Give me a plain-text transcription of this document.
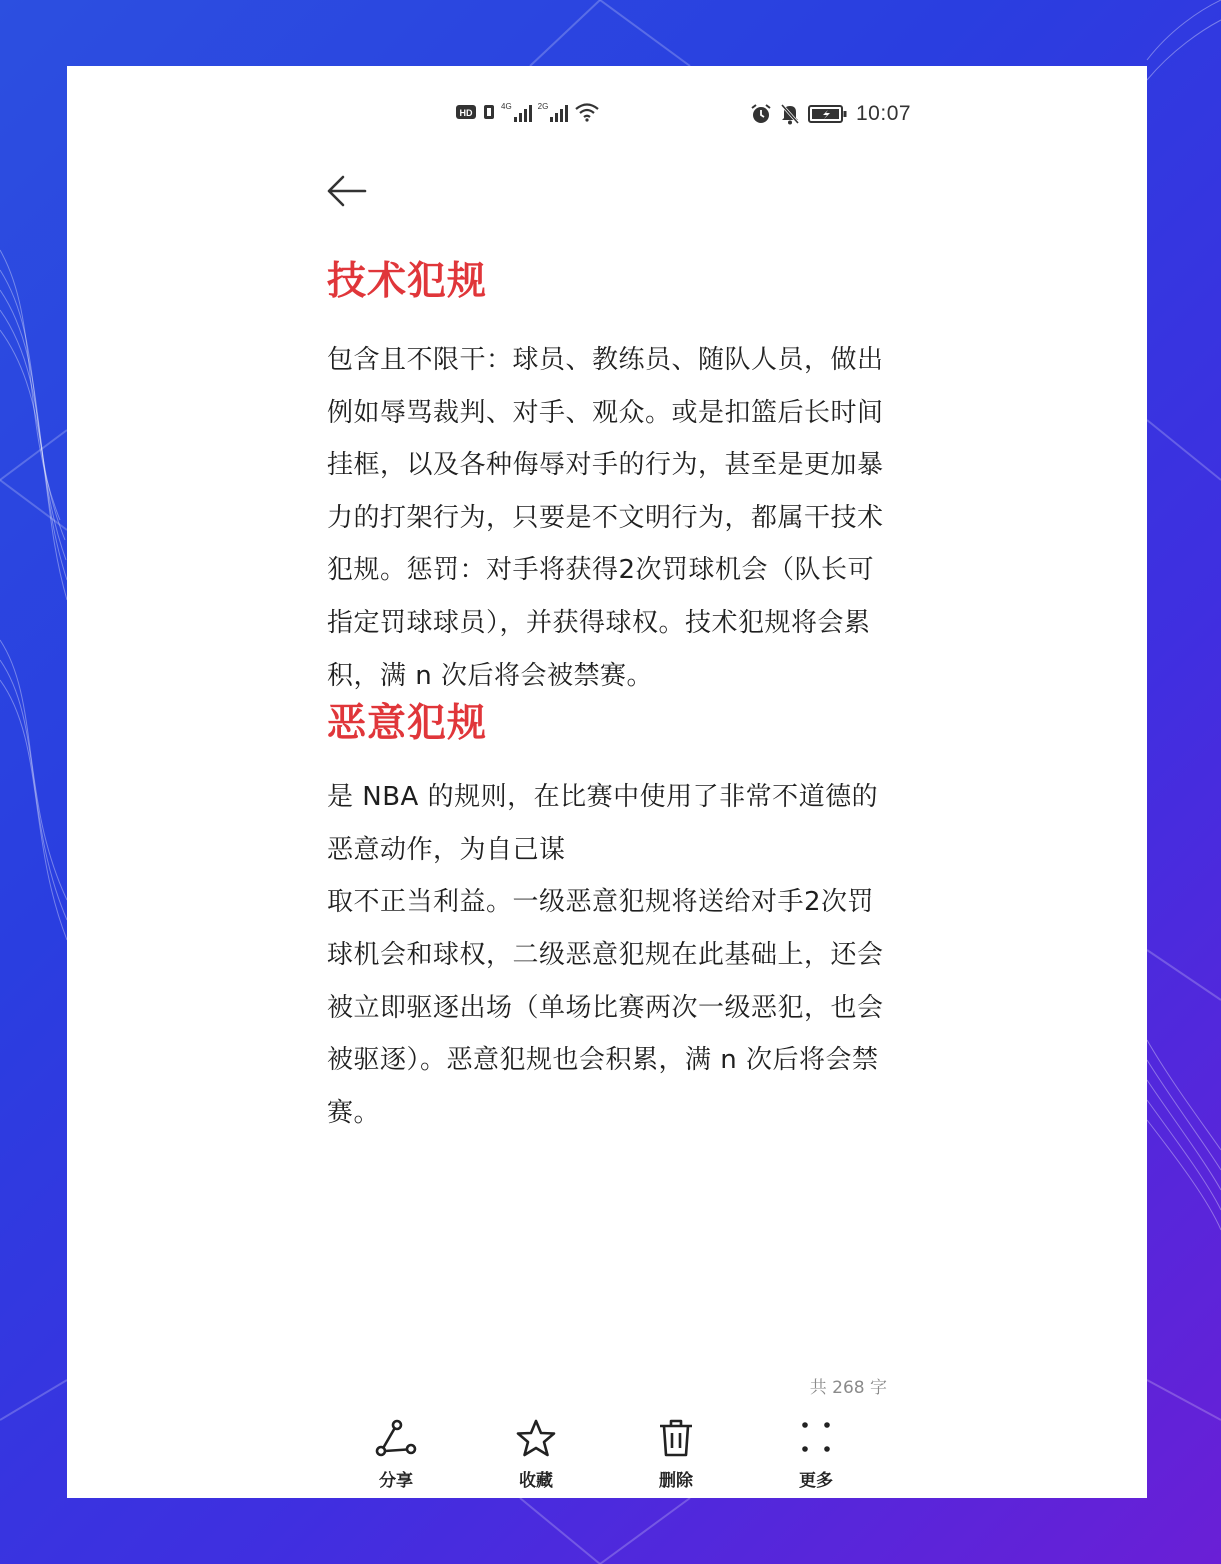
HD
4G	2G	10:07
技术犯规

包含且不限干：球员、教练员、随队人员，做出例如辱骂裁判、对手、观众。或是扣篮后长时间挂框，以及各种侮辱对手的行为，甚至是更加暴力的打架行为，只要是不文明行为，都属干技术犯规。惩罚：对手将获得2次罚球机会（队长可指定罚球球员），并获得球权。技术犯规将会累积，满 n 次后将会被禁赛。

恶意犯规

是 NBA 的规则，在比赛中使用了非常不道德的恶意动作，为自己谋

取不正当利益。一级恶意犯规将送给对手2次罚球机会和球权，二级恶意犯规在此基础上，还会被立即驱逐出场（单场比赛两次一级恶犯，也会被驱逐）。恶意犯规也会积累，满 n 次后将会禁赛。

共 268 字
分享	收藏	删除	更多
